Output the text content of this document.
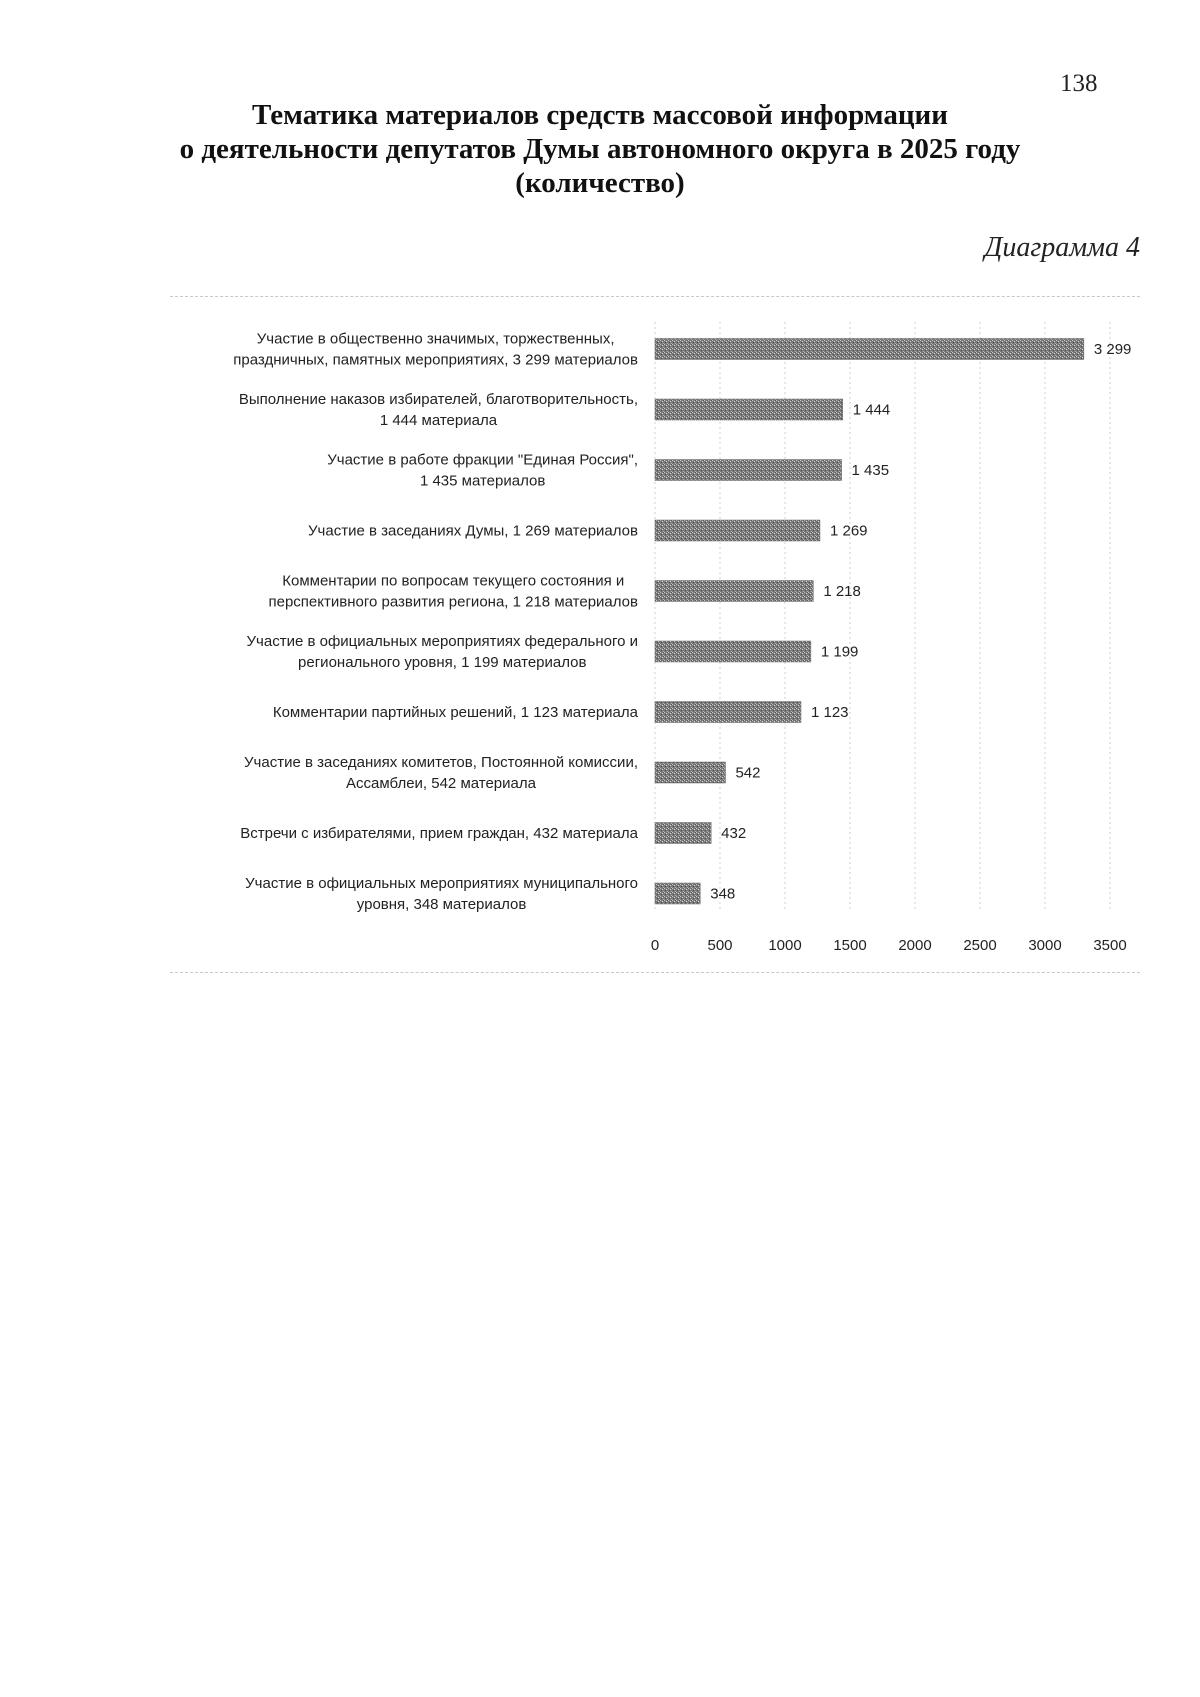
138
Тематика материалов средств массовой информации
о деятельности депутатов Думы автономного округа в 2025 году
(количество)
Диаграмма 4
Участие в общественно значимых, торжественных,
праздничных, памятных мероприятиях, 3 299 материалов
Выполнение наказов избирателей, благотворительность,
1 444 материала
Участие в работе фракции "Единая Россия",
1 435 материалов
Участие в заседаниях Думы, 1 269 материалов
Комментарии по вопросам текущего состояния и
перспективного развития региона, 1 218 материалов
Участие в официальных мероприятиях федерального и
регионального уровня, 1 199 материалов
Комментарии партийных решений, 1 123 материала
Участие в заседаниях комитетов, Постоянной комиссии,
Ассамблеи, 542 материала
Встречи с избирателями, прием граждан, 432 материала
Участие в официальных мероприятиях муниципального
уровня, 348 материалов
3 299
1 444
1 435
1 269
1 218
1 199
1 123
542
432
348
0	500 1000 1500 2000 2500 3000 3500
